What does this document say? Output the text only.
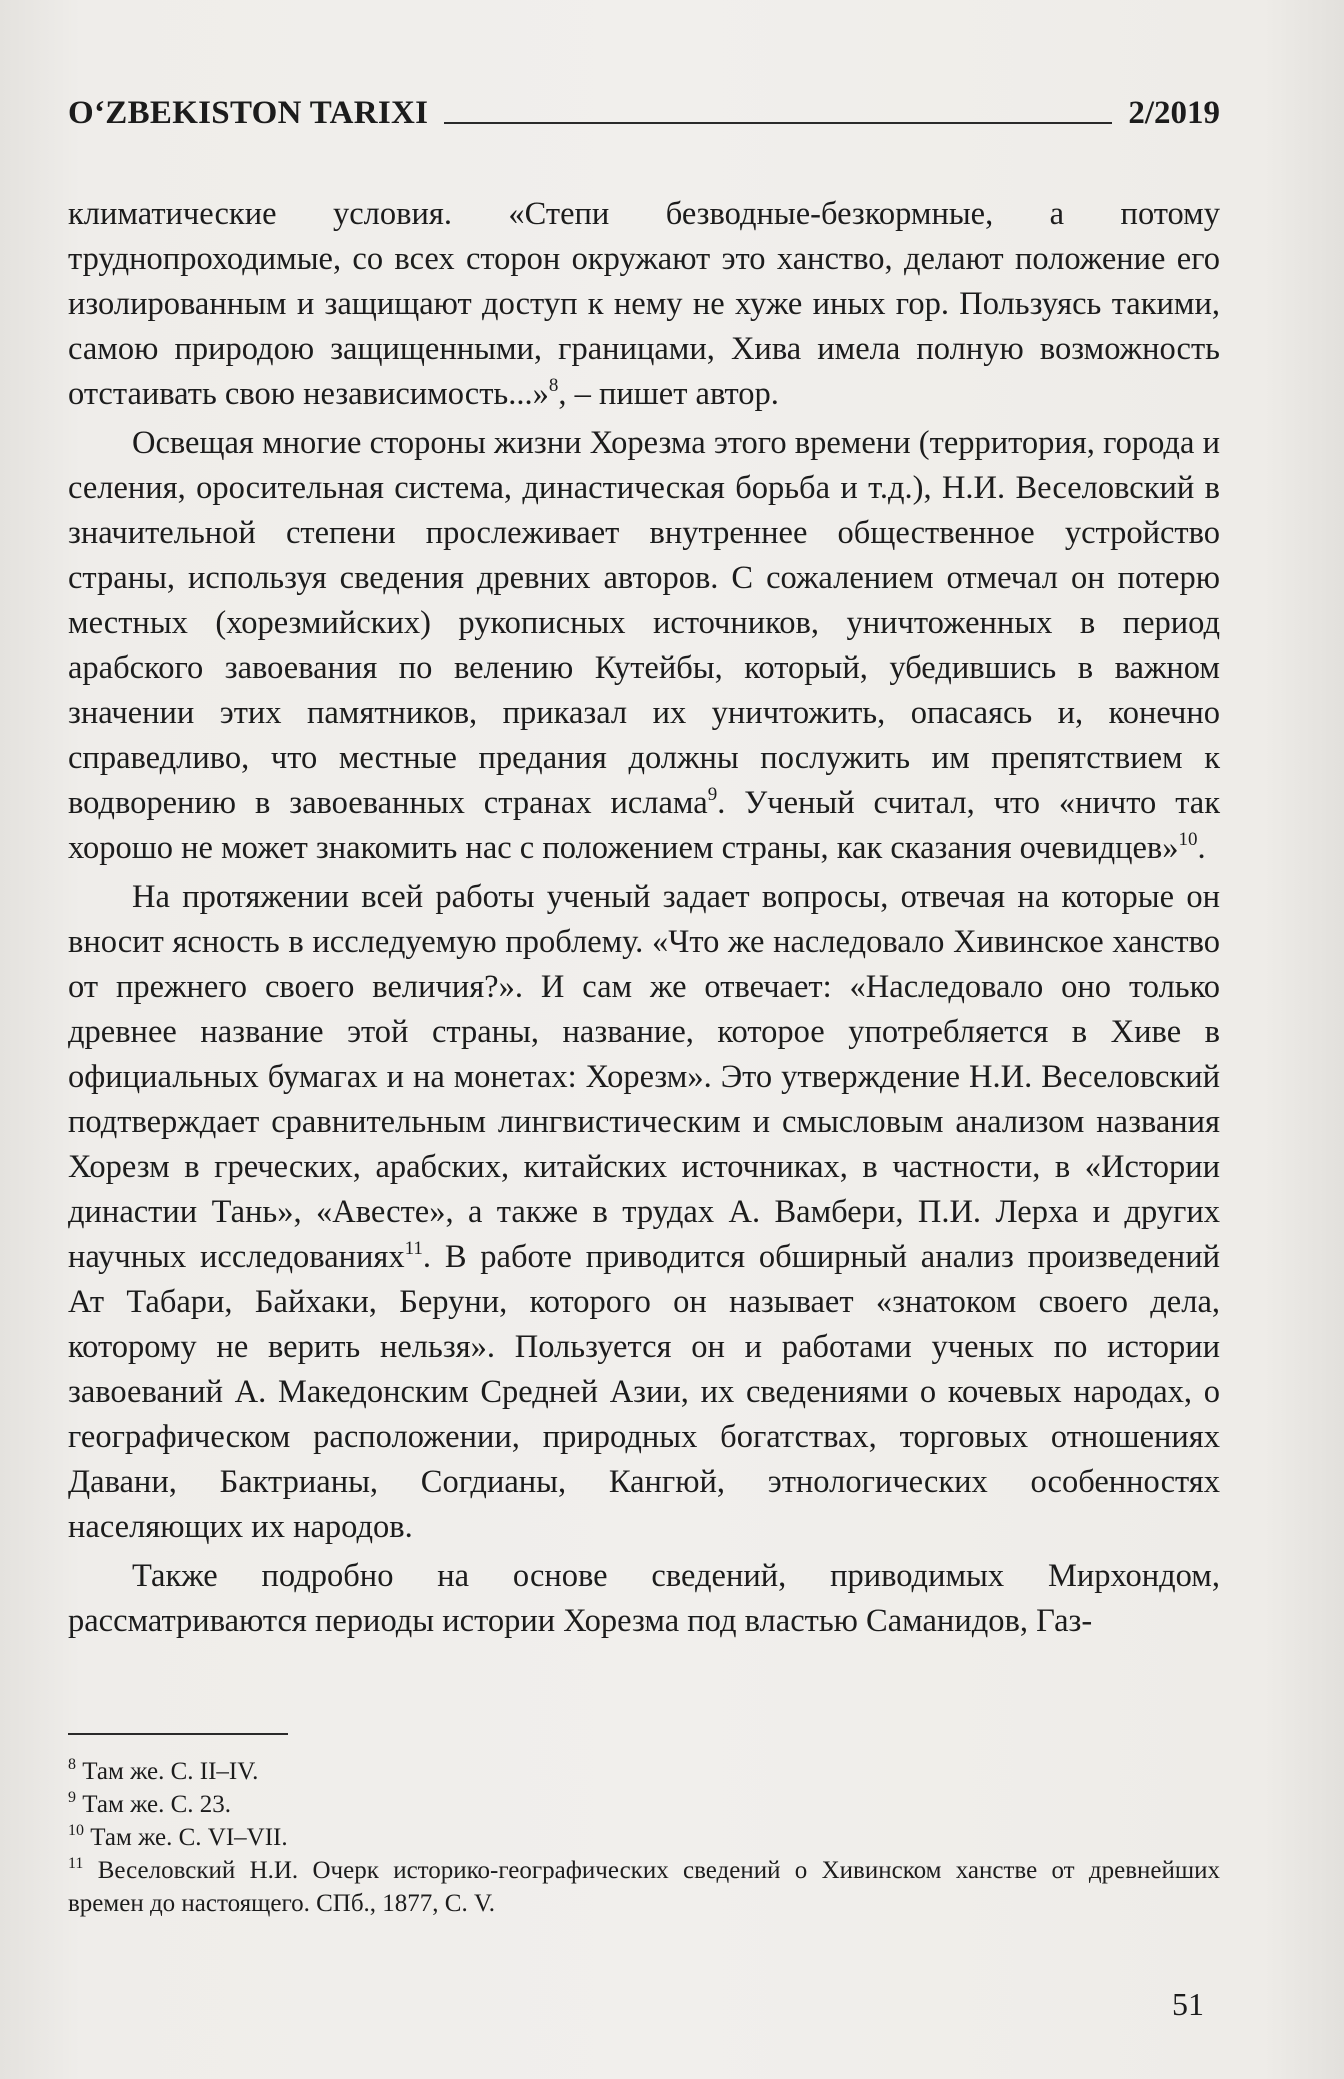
O‘ZBEKISTON TARIXI	2/2019

климатические условия. «Степи безводные-безкормные, а потому труднопроходимые, со всех сторон окружают это ханство, делают положение его изолированным и защищают доступ к нему не хуже иных гор. Пользуясь такими, самою природою защищенными, границами, Хива имела полную возможность отстаивать свою независимость...»$^8$, – пишет автор.

Освещая многие стороны жизни Хорезма этого времени (территория, города и селения, оросительная система, династическая борьба и т.д.), Н.И. Веселовский в значительной степени прослеживает внутреннее общественное устройство страны, используя сведения древних авторов. С сожалением отмечал он потерю местных (хорезмийских) рукописных источников, уничтоженных в период арабского завоевания по велению Кутейбы, который, убедившись в важном значении этих памятников, приказал их уничтожить, опасаясь и, конечно справедливо, что местные предания должны послужить им препятствием к водворению в завоеванных странах ислама$^9$. Ученый считал, что «ничто так хорошо не может знакомить нас с положением страны, как сказания очевидцев»$^{10}$.

На протяжении всей работы ученый задает вопросы, отвечая на которые он вносит ясность в исследуемую проблему. «Что же наследовало Хивинское ханство от прежнего своего величия?». И сам же отвечает: «Наследовало оно только древнее название этой страны, название, которое употребляется в Хиве в официальных бумагах и на монетах: Хорезм». Это утверждение Н.И. Веселовский подтверждает сравнительным лингвистическим и смысловым анализом названия Хорезм в греческих, арабских, китайских источниках, в частности, в «Истории династии Тань», «Авесте», а также в трудах А. Вамбери, П.И. Лерха и других научных исследованиях$^{11}$. В работе приводится обширный анализ произведений Ат Табари, Байхаки, Беруни, которого он называет «знатоком своего дела, которому не верить нельзя». Пользуется он и работами ученых по истории завоеваний А. Македонским Средней Азии, их сведениями о кочевых народах, о географическом расположении, природных богатствах, торговых отношениях Давани, Бактрианы, Согдианы, Кангюй, этнологических особенностях населяющих их народов.

Также подробно на основе сведений, приводимых Мирхондом, рассматриваются периоды истории Хорезма под властью Саманидов, Газ-

$^8$ Там же. С. II–IV.

$^9$ Там же. С. 23.

$^{10}$ Там же. С. VI–VII.

$^{11}$ Веселовский Н.И. Очерк историко-географических сведений о Хивинском ханстве от древнейших времен до настоящего. СПб., 1877, С. V.

51
